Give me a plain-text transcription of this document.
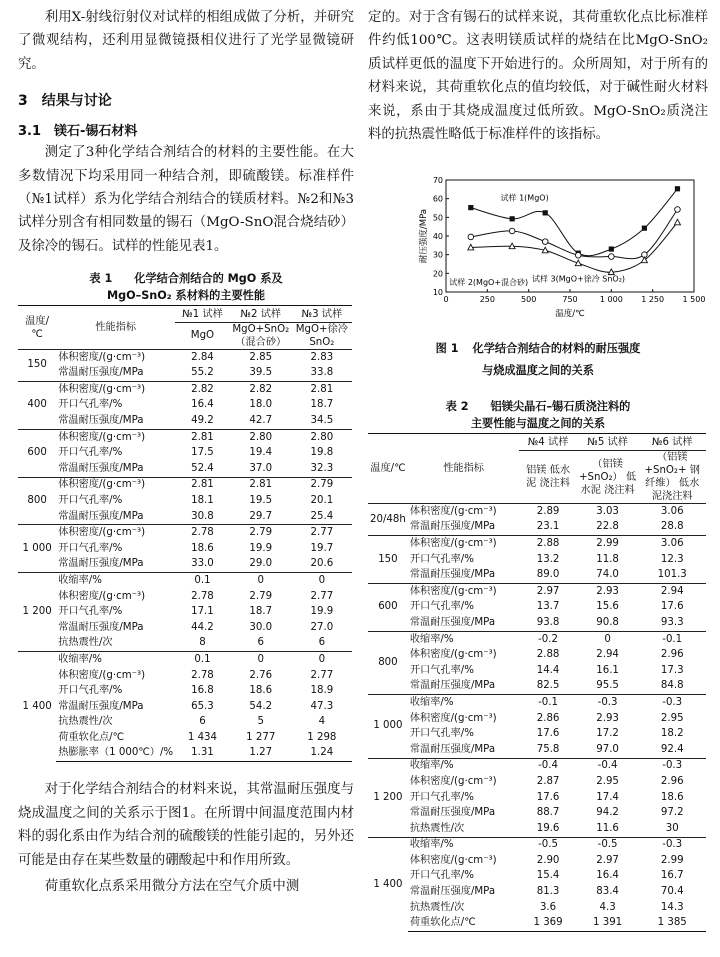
利用X-射线衍射仪对试样的相组成做了分析，并研究了微观结构，还利用显微镜摄相仪进行了光学显微镜研究。

3　结果与讨论
3.1　镁石-锡石材料

测定了3种化学结合剂结合的材料的主要性能。在大多数情况下均采用同一种结合剂，即硫酸镁。标准样件（№1试样）系为化学结合剂结合的镁质材料。№2和№3试样分别含有相同数量的锡石（MgO-SnO混合烧结砂）及徐冷的锡石。试样的性能见表1。

表 1 化学结合剂结合的 MgO 系及

MgO–SnO₂ 系材料的主要性能

温度/℃	性能指标	№1 试样	№2 试样	№3 试样
		MgO	MgO+SnO₂（混合砂）	MgO+徐冷 SnO₂
150	体积密度/(g·cm⁻³)	2.84	2.85	2.83
	常温耐压强度/MPa	55.2	39.5	33.8
400	体积密度/(g·cm⁻³)	2.82	2.82	2.81
	开口气孔率/%	16.4	18.0	18.7
	常温耐压强度/MPa	49.2	42.7	34.5
600	体积密度/(g·cm⁻³)	2.81	2.80	2.80
	开口气孔率/%	17.5	19.4	19.8
	常温耐压强度/MPa	52.4	37.0	32.3
800	体积密度/(g·cm⁻³)	2.81	2.81	2.79
	开口气孔率/%	18.1	19.5	20.1
	常温耐压强度/MPa	30.8	29.7	25.4
1 000	体积密度/(g·cm⁻³)	2.78	2.79	2.77
	开口气孔率/%	18.6	19.9	19.7
	常温耐压强度/MPa	33.0	29.0	20.6
1 200	收缩率/%	0.1	0	0
	体积密度/(g·cm⁻³)	2.78	2.79	2.77
	开口气孔率/%	17.1	18.7	19.9
	常温耐压强度/MPa	44.2	30.0	27.0
	抗热震性/次	8	6	6
1 400	收缩率/%	0.1	0	0
	体积密度/(g·cm⁻³)	2.78	2.76	2.77
	开口气孔率/%	16.8	18.6	18.9
	常温耐压强度/MPa	65.3	54.2	47.3
	抗热震性/次	6	5	4
	荷重软化点/℃	1 434	1 277	1 298
	热膨胀率（1 000℃）/%	1.31	1.27	1.24

对于化学结合剂结合的材料来说，其常温耐压强度与烧成温度之间的关系示于图1。在所谓中间温度范围内材料的弱化系由作为结合剂的硫酸镁的性能引起的，另外还可能是由存在某些数量的硼酸起中和作用所致。

荷重软化点系采用微分方法在空气介质中测

定的。对于含有锡石的试样来说，其荷重软化点比标准样件约低100℃。这表明镁质试样的烧结在比MgO-SnO₂质试样更低的温度下开始进行的。众所周知，对于所有的材料来说，其荷重软化点的值均较低，对于碱性耐火材料来说，系由于其烧成温度过低所致。MgO-SnO₂质浇注料的抗热震性略低于标准样件的该指标。

10
20
30
40
50
60
70
0	250	500	750	1 000 1 250 1 500
温度/℃
耐压强度/MPa
试样 1(MgO)
试样 2(MgO+混合砂) 试样 3(MgO+徐冷 SnO₂)
图 1 化学结合剂结合的材料的耐压强度
与烧成温度之间的关系

表 2 铝镁尖晶石–锡石质浇注料的

主要性能与温度之间的关系

温度/℃	性能指标	№4 试样	№5 试样	№6 试样
		铝镁 低水泥 浇注料	（铝镁+SnO₂） 低水泥 浇注料	（铝镁+SnO₂+ 钢纤维） 低水泥浇注料
20/48h	体积密度/(g·cm⁻³)	2.89	3.03	3.06
	常温耐压强度/MPa	23.1	22.8	28.8
150	体积密度/(g·cm⁻³)	2.88	2.99	3.06
	开口气孔率/%	13.2	11.8	12.3
	常温耐压强度/MPa	89.0	74.0	101.3
600	体积密度/(g·cm⁻³)	2.97	2.93	2.94
	开口气孔率/%	13.7	15.6	17.6
	常温耐压强度/MPa	93.8	90.8	93.3
800	收缩率/%	-0.2	0	-0.1
	体积密度/(g·cm⁻³)	2.88	2.94	2.96
	开口气孔率/%	14.4	16.1	17.3
	常温耐压强度/MPa	82.5	95.5	84.8
1 000	收缩率/%	-0.1	-0.3	-0.3
	体积密度/(g·cm⁻³)	2.86	2.93	2.95
	开口气孔率/%	17.6	17.2	18.2
	常温耐压强度/MPa	75.8	97.0	92.4
1 200	收缩率/%	-0.4	-0.4	-0.3
	体积密度/(g·cm⁻³)	2.87	2.95	2.96
	开口气孔率/%	17.6	17.4	18.6
	常温耐压强度/MPa	88.7	94.2	97.2
	抗热震性/次	19.6	11.6	30
1 400	收缩率/%	-0.5	-0.5	-0.3
	体积密度/(g·cm⁻³)	2.90	2.97	2.99
	开口气孔率/%	15.4	16.4	16.7
	常温耐压强度/MPa	81.3	83.4	70.4
	抗热震性/次	3.6	4.3	14.3
	荷重软化点/℃	1 369	1 391	1 385
